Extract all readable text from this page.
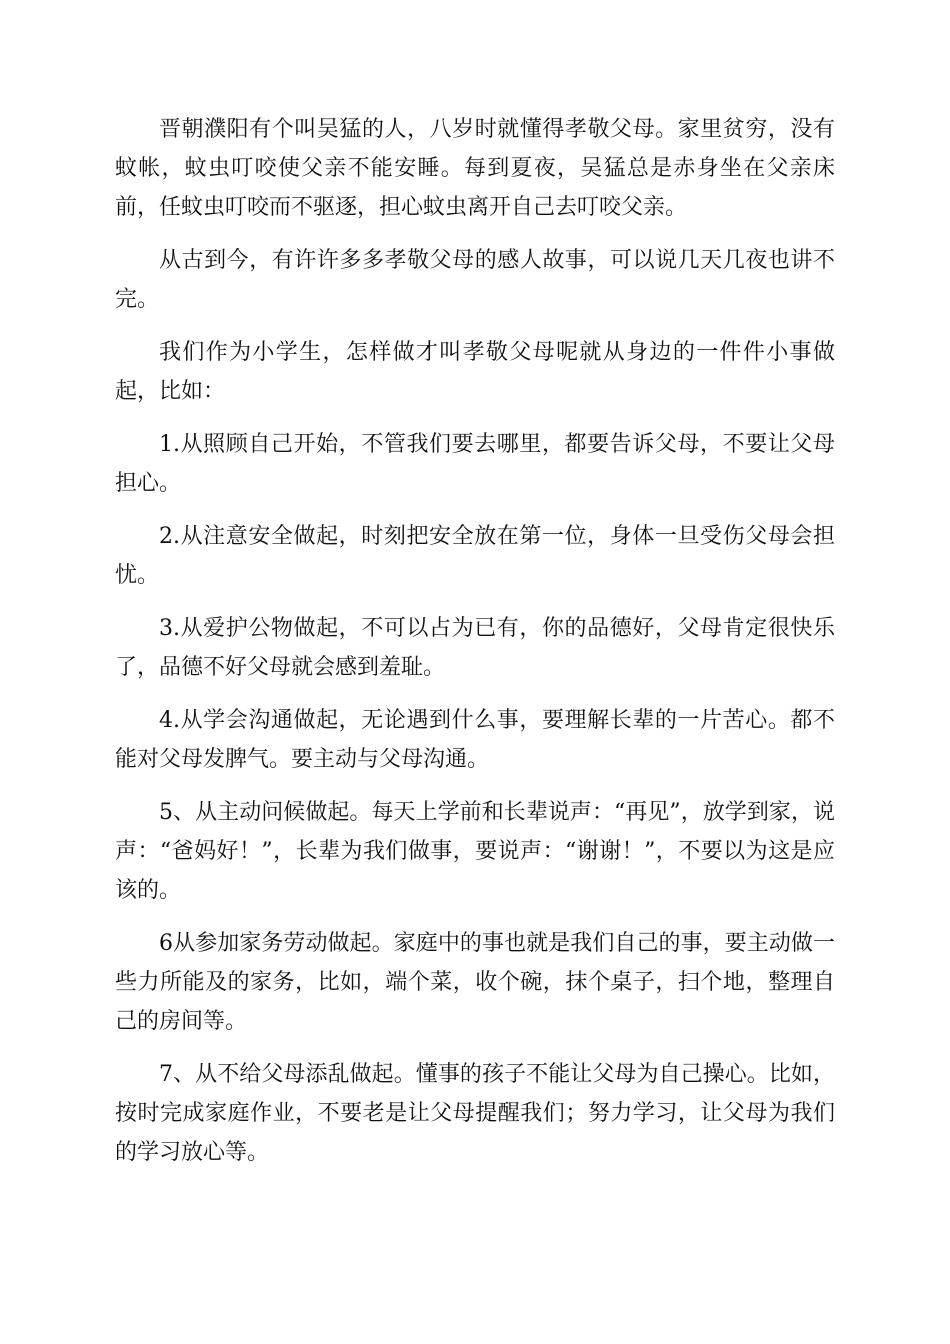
晋朝濮阳有个叫吴猛的人，八岁时就懂得孝敬父母。家里贫穷，没有蚊帐，蚊虫叮咬使父亲不能安睡。每到夏夜，吴猛总是赤身坐在父亲床前，任蚊虫叮咬而不驱逐，担心蚊虫离开自己去叮咬父亲。

从古到今，有许许多多孝敬父母的感人故事，可以说几天几夜也讲不完。

我们作为小学生，怎样做才叫孝敬父母呢就从身边的一件件小事做起，比如：

1.从照顾自己开始，不管我们要去哪里，都要告诉父母，不要让父母担心。

2.从注意安全做起，时刻把安全放在第一位，身体一旦受伤父母会担忧。

3.从爱护公物做起，不可以占为已有，你的品德好，父母肯定很快乐了，品德不好父母就会感到羞耻。

4.从学会沟通做起，无论遇到什么事，要理解长辈的一片苦心。都不能对父母发脾气。要主动与父母沟通。

5、从主动问候做起。每天上学前和长辈说声：“再见”，放学到家，说声：“爸妈好！”，长辈为我们做事，要说声：“谢谢！”，不要以为这是应该的。

6从参加家务劳动做起。家庭中的事也就是我们自己的事，要主动做一些力所能及的家务，比如，端个菜，收个碗，抹个桌子，扫个地，整理自己的房间等。

7、从不给父母添乱做起。懂事的孩子不能让父母为自己操心。比如，按时完成家庭作业，不要老是让父母提醒我们；努力学习，让父母为我们的学习放心等。
